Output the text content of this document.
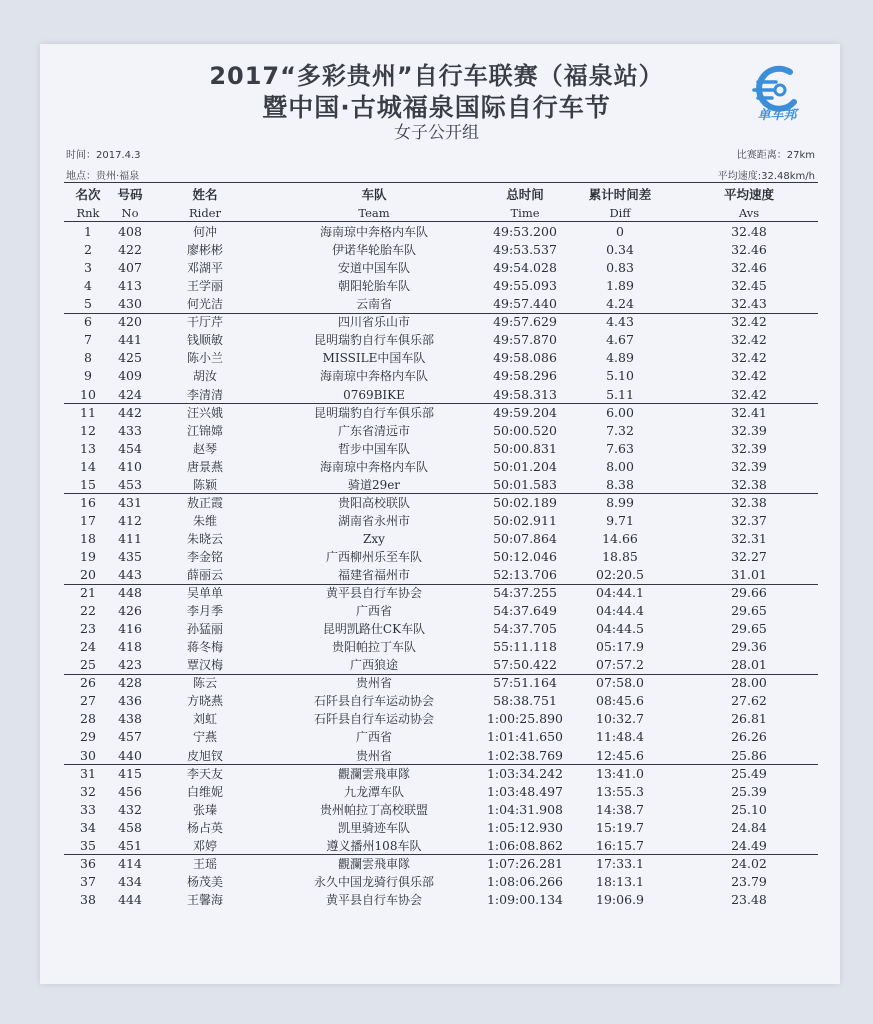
2017“多彩贵州”自行车联赛（福泉站）
暨中国·古城福泉国际自行车节
女子公开组
单车邦
时间：2017.4.3
地点：贵州·福泉
比赛距离：27km
平均速度:32.48km/h
名次	号码	姓名	车队	总时间	累计时间差	平均速度
Rnk	No	Rider	Team	Time	Diff	Avs
1	408	何冲	海南琼中奔格内车队	49:53.200	0	32.48
2	422	廖彬彬	伊诺华轮胎车队	49:53.537	0.34	32.46
3	407	邓湖平	安道中国车队	49:54.028	0.83	32.46
4	413	王学丽	朝阳轮胎车队	49:55.093	1.89	32.45
5	430	何光洁	云南省	49:57.440	4.24	32.43
6	420	干厅芹	四川省乐山市	49:57.629	4.43	32.42
7	441	钱顺敏	昆明瑞豹自行车俱乐部	49:57.870	4.67	32.42
8	425	陈小兰	MISSILE中国车队	49:58.086	4.89	32.42
9	409	胡汝	海南琼中奔格内车队	49:58.296	5.10	32.42
10	424	李清清	0769BIKE	49:58.313	5.11	32.42
11	442	汪兴娥	昆明瑞豹自行车俱乐部	49:59.204	6.00	32.41
12	433	江锦嫦	广东省清远市	50:00.520	7.32	32.39
13	454	赵琴	哲步中国车队	50:00.831	7.63	32.39
14	410	唐景燕	海南琼中奔格内车队	50:01.204	8.00	32.39
15	453	陈颖	骑道29er	50:01.583	8.38	32.38
16	431	敖正霞	贵阳高校联队	50:02.189	8.99	32.38
17	412	朱维	湖南省永州市	50:02.911	9.71	32.37
18	411	朱晓云	Zxy	50:07.864	14.66	32.31
19	435	李金铭	广西柳州乐至车队	50:12.046	18.85	32.27
20	443	薛丽云	福建省福州市	52:13.706	02:20.5	31.01
21	448	吴单单	黄平县自行车协会	54:37.255	04:44.1	29.66
22	426	李月季	广西省	54:37.649	04:44.4	29.65
23	416	孙猛丽	昆明凯路仕CK车队	54:37.705	04:44.5	29.65
24	418	蒋冬梅	贵阳帕拉丁车队	55:11.118	05:17.9	29.36
25	423	覃汉梅	广西狼途	57:50.422	07:57.2	28.01
26	428	陈云	贵州省	57:51.164	07:58.0	28.00
27	436	方晓燕	石阡县自行车运动协会	58:38.751	08:45.6	27.62
28	438	刘虹	石阡县自行车运动协会	1:00:25.890	10:32.7	26.81
29	457	宁燕	广西省	1:01:41.650	11:48.4	26.26
30	440	皮旭钗	贵州省	1:02:38.769	12:45.6	25.86
31	415	李天友	觀瀾雲飛車隊	1:03:34.242	13:41.0	25.49
32	456	白维妮	九龙潭车队	1:03:48.497	13:55.3	25.39
33	432	张瑧	贵州帕拉丁高校联盟	1:04:31.908	14:38.7	25.10
34	458	杨占英	凯里骑迹车队	1:05:12.930	15:19.7	24.84
35	451	邓婷	遵义播州108车队	1:06:08.862	16:15.7	24.49
36	414	王瑶	觀瀾雲飛車隊	1:07:26.281	17:33.1	24.02
37	434	杨茂美	永久中国龙骑行俱乐部	1:08:06.266	18:13.1	23.79
38	444	王馨海	黄平县自行车协会	1:09:00.134	19:06.9	23.48
